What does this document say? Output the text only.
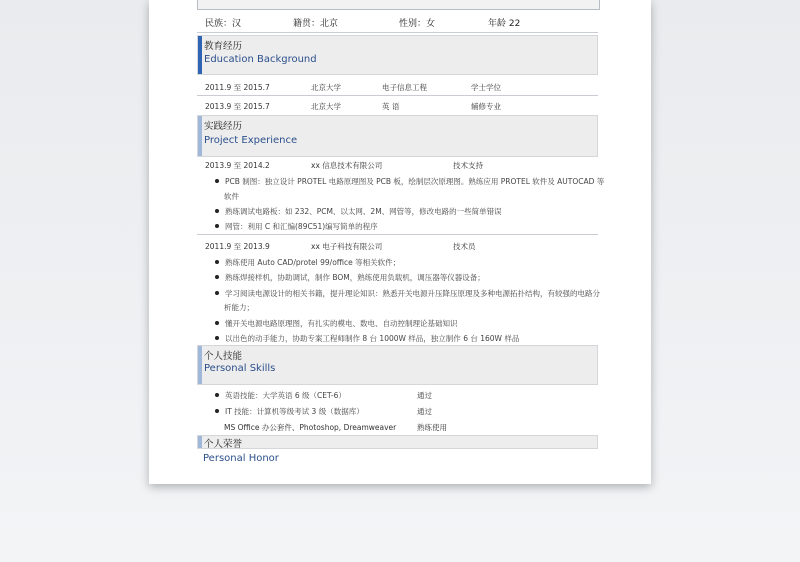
民族：汉	籍贯：北京	性别：女	年龄 22
教育经历
Education Background
2011.9 至 2015.7	北京大学	电子信息工程	学士学位
2013.9 至 2015.7	北京大学	英 语	辅修专业
实践经历
Project Experience
2013.9 至 2014.2	xx 信息技术有限公司	技术支持
PCB 制图：独立设计 PROTEL 电路原理图及 PCB 板，绘制层次原理图。熟练应用 PROTEL 软件及 AUTOCAD 等
软件
熟练调试电路板：如 232、PCM、以太网、2M、网管等，修改电路的一些简单错误
网管：利用 C 和汇编(89C51)编写简单的程序
2011.9 至 2013.9	xx 电子科技有限公司	技术员
熟练使用 Auto CAD/protel 99/office 等相关软件；
熟练焊接样机，协助调试，制作 BOM，熟练使用负载机，调压器等仪器设备；
学习阅读电源设计的相关书籍，提升理论知识：熟悉开关电源升压降压原理及多种电源拓扑结构，有较强的电路分
析能力；
懂开关电源电路原理图，有扎实的模电、数电、自动控制理论基础知识
以出色的动手能力，协助专案工程师制作 8 台 1000W 样品，独立制作 6 台 160W 样品
个人技能
Personal Skills
英语技能：大学英语 6 级（CET-6）	通过
IT 技能：计算机等级考试 3 级（数据库）	通过
MS Office 办公套件、Photoshop, Dreamweaver	熟练使用
个人荣誉
Personal Honor
